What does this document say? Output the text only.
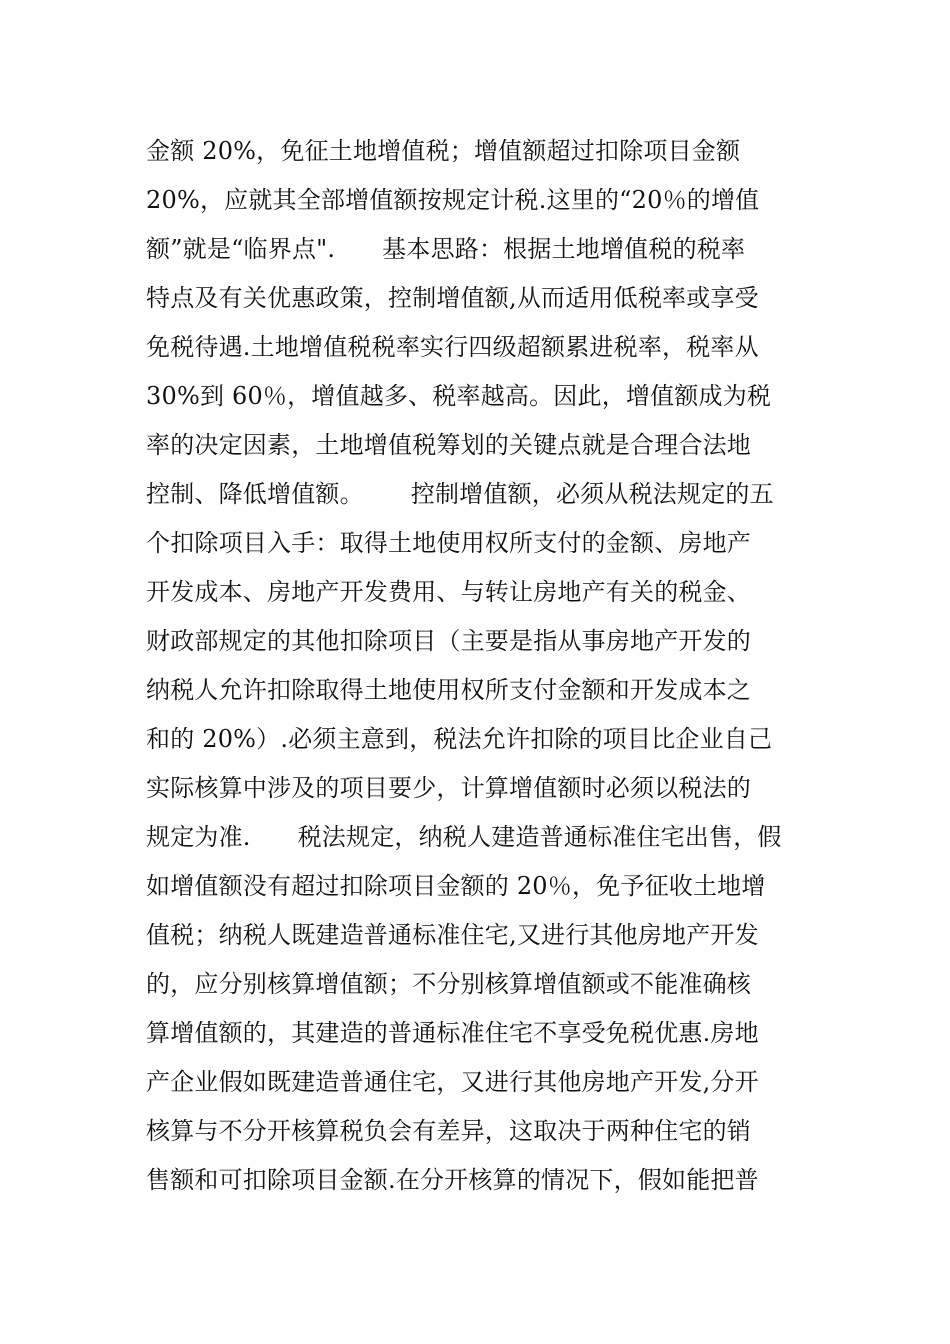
金额 20%，免征土地增值税；增值额超过扣除项目金额
20%，应就其全部增值额按规定计税.这里的“20％的增值
额”就是“临界点".      基本思路：根据土地增值税的税率
特点及有关优惠政策，控制增值额,从而适用低税率或享受
免税待遇.土地增值税税率实行四级超额累进税率，税率从
30%到 60％，增值越多、税率越高。因此，增值额成为税
率的决定因素，土地增值税筹划的关键点就是合理合法地
控制、降低增值额。      控制增值额，必须从税法规定的五
个扣除项目入手：取得土地使用权所支付的金额、房地产
开发成本、房地产开发费用、与转让房地产有关的税金、
财政部规定的其他扣除项目（主要是指从事房地产开发的
纳税人允许扣除取得土地使用权所支付金额和开发成本之
和的 20%）.必须主意到，税法允许扣除的项目比企业自己
实际核算中涉及的项目要少，计算增值额时必须以税法的
规定为准.      税法规定，纳税人建造普通标准住宅出售，假
如增值额没有超过扣除项目金额的 20％，免予征收土地增
值税；纳税人既建造普通标准住宅,又进行其他房地产开发
的，应分别核算增值额；不分别核算增值额或不能准确核
算增值额的，其建造的普通标准住宅不享受免税优惠.房地
产企业假如既建造普通住宅，又进行其他房地产开发,分开
核算与不分开核算税负会有差异，这取决于两种住宅的销
售额和可扣除项目金额.在分开核算的情况下，假如能把普
